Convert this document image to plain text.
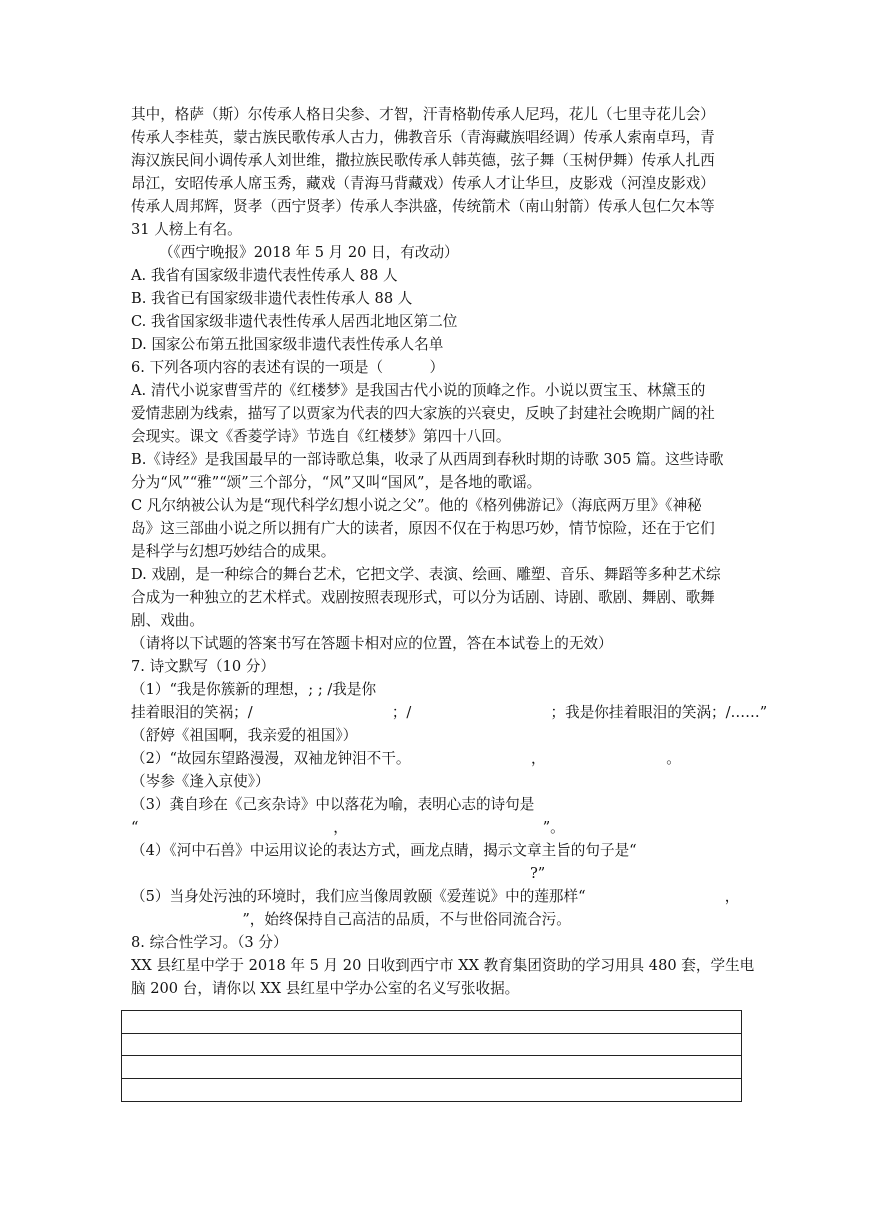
其中，格萨（斯）尔传承人格日尖参、才智，汗青格勒传承人尼玛，花儿（七里寺花儿会）
传承人李桂英，蒙古族民歌传承人古力，佛教音乐（青海藏族唱经调）传承人索南卓玛，青
海汉族民间小调传承人刘世维，撒拉族民歌传承人韩英德，弦子舞（玉树伊舞）传承人扎西
昂江，安昭传承人席玉秀，藏戏（青海马背藏戏）传承人才让华旦，皮影戏（河湟皮影戏）
传承人周邦辉，贤孝（西宁贤孝）传承人李洪盛，传统箭术（南山射箭）传承人包仁欠本等
31 人榜上有名。
（《西宁晚报》2018 年 5 月 20 日，有改动）
A. 我省有国家级非遗代表性传承人 88 人
B. 我省已有国家级非遗代表性传承人 88 人
C. 我省国家级非遗代表性传承人居西北地区第二位
D. 国家公布第五批国家级非遗代表性传承人名单
6. 下列各项内容的表述有误的一项是（          ）
A. 清代小说家曹雪芹的《红楼梦》是我国古代小说的顶峰之作。小说以贾宝玉、林黛玉的
爱情悲剧为线索，描写了以贾家为代表的四大家族的兴衰史，反映了封建社会晚期广阔的社
会现实。课文《香菱学诗》节选自《红楼梦》第四十八回。
B.《诗经》是我国最早的一部诗歌总集，收录了从西周到春秋时期的诗歌 305 篇。这些诗歌
分为“风”“雅”“颂”三个部分，“风”又叫“国风”，是各地的歌谣。
C 凡尔纳被公认为是“现代科学幻想小说之父”。他的《格列佛游记》（海底两万里》《神秘
岛》这三部曲小说之所以拥有广大的读者，原因不仅在于构思巧妙，情节惊险，还在于它们
是科学与幻想巧妙结合的成果。
D. 戏剧，是一种综合的舞台艺术，它把文学、表演、绘画、雕塑、音乐、舞蹈等多种艺术综
合成为一种独立的艺术样式。戏剧按照表现形式，可以分为话剧、诗剧、歌剧、舞剧、歌舞
剧、戏曲。
（请将以下试题的答案书写在答题卡相对应的位置，答在本试卷上的无效）
7. 诗文默写（10 分）
（1）“我是你簇新的理想，; ; /我是你
挂着眼泪的笑祸；/                              ；/                              ；我是你挂着眼泪的笑涡；/……”
（舒婷《祖国啊，我亲爱的祖国》）
（2）“故园东望路漫漫，双袖龙钟泪不干。                          ，                          。
（岑参《逢入京使》）
（3）龚自珍在《己亥杂诗》中以落花为喻，表明心志的诗句是
“                                          ，                                          ”。
（4）《河中石兽》中运用议论的表达方式，画龙点睛，揭示文章主旨的句子是“
?”
（5）当身处污浊的环境时，我们应当像周敦颐《爱莲说》中的莲那样“                              ，
”，始终保持自己高洁的品质，不与世俗同流合污。
8. 综合性学习。（3 分）
XX 县红星中学于 2018 年 5 月 20 日收到西宁市 XX 教育集团资助的学习用具 480 套，学生电
脑 200 台，请你以 XX 县红星中学办公室的名义写张收据。
